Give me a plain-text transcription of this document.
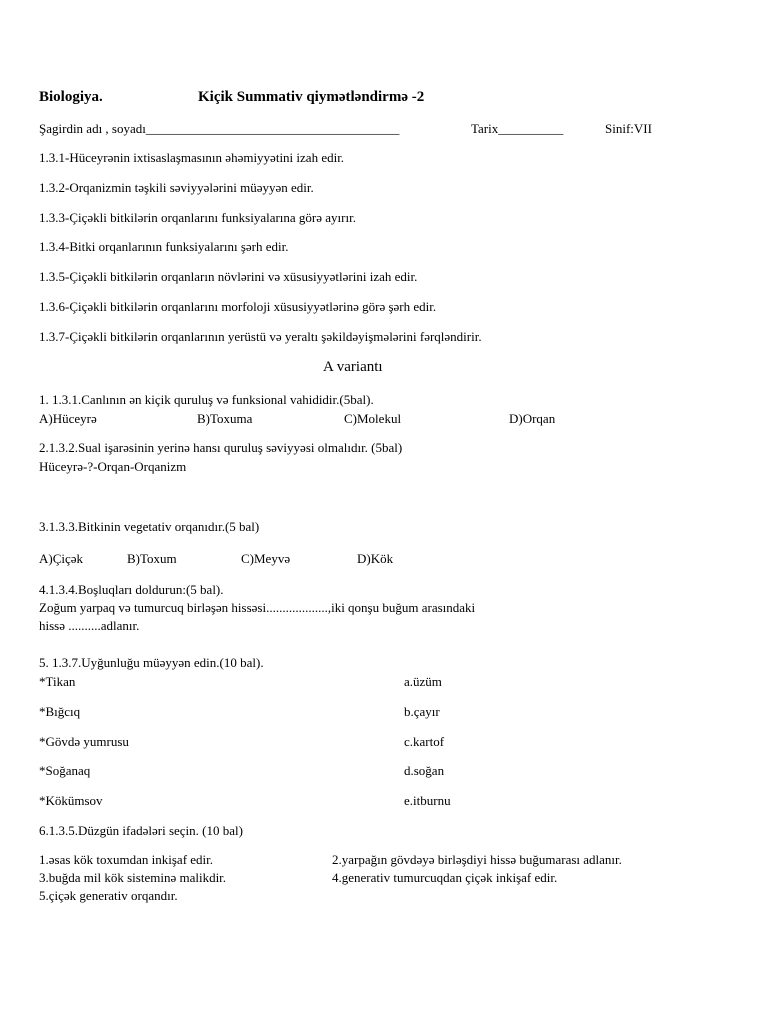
Biologiya.	Kiçik Summativ qiymətləndirmə -2
Şagirdin adı , soyadı_______________________________________	Tarix__________	Sinif:VII
1.3.1-Hüceyrənin ixtisaslaşmasının əhəmiyyətini izah edir.
1.3.2-Orqanizmin təşkili səviyyələrini müəyyən edir.
1.3.3-Çiçəkli bitkilərin orqanlarını funksiyalarına görə ayırır.
1.3.4-Bitki orqanlarının funksiyalarını şərh edir.
1.3.5-Çiçəkli bitkilərin orqanların növlərini və xüsusiyyətlərini izah edir.
1.3.6-Çiçəkli bitkilərin orqanlarını morfoloji xüsusiyyətlərinə görə şərh edir.
1.3.7-Çiçəkli bitkilərin orqanlarının yerüstü və yeraltı şəkildəyişmələrini fərqləndirir.
A variantı
1. 1.3.1.Canlının ən kiçik quruluş və funksional vahididir.(5bal).
A)Hüceyrə	B)Toxuma	C)Molekul	D)Orqan
2.1.3.2.Sual işarəsinin yerinə hansı quruluş səviyyəsi olmalıdır. (5bal)
Hüceyrə-?-Orqan-Orqanizm
3.1.3.3.Bitkinin vegetativ orqanıdır.(5 bal)
A)Çiçək	B)Toxum	C)Meyvə	D)Kök
4.1.3.4.Boşluqları doldurun:(5 bal).
Zoğum yarpaq və tumurcuq birləşən hissəsi...................,iki qonşu buğum arasındaki
hissə ..........adlanır.
5. 1.3.7.Uyğunluğu müəyyən edin.(10 bal).
*Tikan	a.üzüm
*Bığcıq	b.çayır
*Gövdə yumrusu	c.kartof
*Soğanaq	d.soğan
*Kökümsov	e.itburnu
6.1.3.5.Düzgün ifadələri seçin. (10 bal)
1.əsas kök toxumdan inkişaf edir.	2.yarpağın gövdəyə birləşdiyi hissə buğumarası adlanır.
3.buğda mil kök sisteminə malikdir.	4.generativ tumurcuqdan çiçək inkişaf edir.
5.çiçək generativ orqandır.
